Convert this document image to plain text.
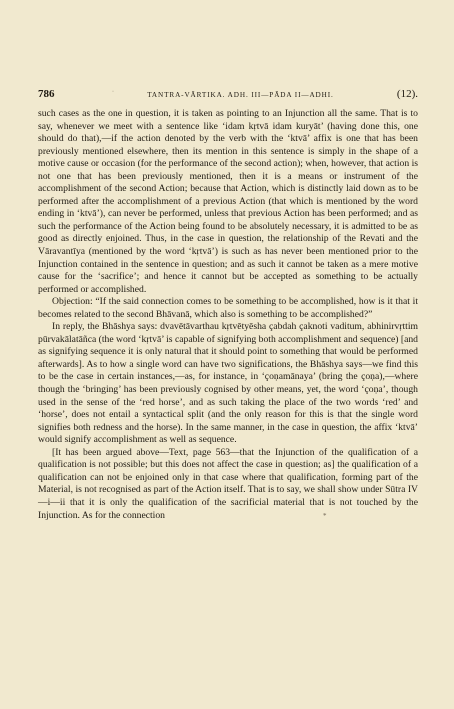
·
786	TANTRA-VĀRTIKA. ADH. III—PĀDA II—ADHI.	(12).

such cases as the one in question, it is taken as pointing to an Injunction all the same. That is to say, whenever we meet with a sentence like ‘idam kṛtvā idam kuryāt’ (having done this, one should do that),—if the action denoted by the verb with the ‘ktvā’ affix is one that has been previously mentioned elsewhere, then its mention in this sentence is simply in the shape of a motive cause or occasion (for the performance of the second action); when, however, that action is not one that has been previously mentioned, then it is a means or instrument of the accomplishment of the second Action; because that Action, which is distinctly laid down as to be performed after the accomplishment of a previous Action (that which is mentioned by the word ending in ‘ktvā’), can never be performed, unless that previous Action has been performed; and as such the performance of the Action being found to be absolutely necessary, it is admitted to be as good as directly enjoined. Thus, in the case in question, the relationship of the Revati and the Vāravantīya (mentioned by the word ‘kṛtvā’) is such as has never been mentioned prior to the Injunction contained in the sentence in question; and as such it cannot be taken as a mere motive cause for the ‘sacrifice’; and hence it cannot but be accepted as something to be actually performed or accomplished.

Objection: “If the said connection comes to be something to be accomplished, how is it that it becomes related to the second Bhāvanā, which also is something to be accomplished?”

In reply, the Bhāshya says: dvavētāvarthau kṛtvētyēsha çabdah çaknoti vaditum, abhinirvṛttim pūrvakālatāñca (the word ‘kṛtvā’ is capable of signifying both accomplishment and sequence) [and as signifying sequence it is only natural that it should point to something that would be performed afterwards]. As to how a single word can have two significations, the Bhāshya says—we find this to be the case in certain instances,—as, for instance, in ‘çoṇamānaya’ (bring the çoṇa),—where though the ‘bringing’ has been previously cognised by other means, yet, the word ‘çoṇa’, though used in the sense of the ‘red horse’, and as such taking the place of the two words ‘red’ and ‘horse’, does not entail a syntactical split (and the only reason for this is that the single word signifies both redness and the horse). In the same manner, in the case in question, the affix ‘ktvā’ would signify accomplishment as well as sequence.

[It has been argued above—Text, page 563—that the Injunction of the qualification of a qualification is not possible; but this does not affect the case in question; as] the qualification of a qualification can not be enjoined only in that case where that qualification, forming part of the Material, is not recognised as part of the Action itself. That is to say, we shall show under Sūtra IV—i—ii that it is only the qualification of the sacrificial material that is not touched by the Injunction. As for the connection	*
